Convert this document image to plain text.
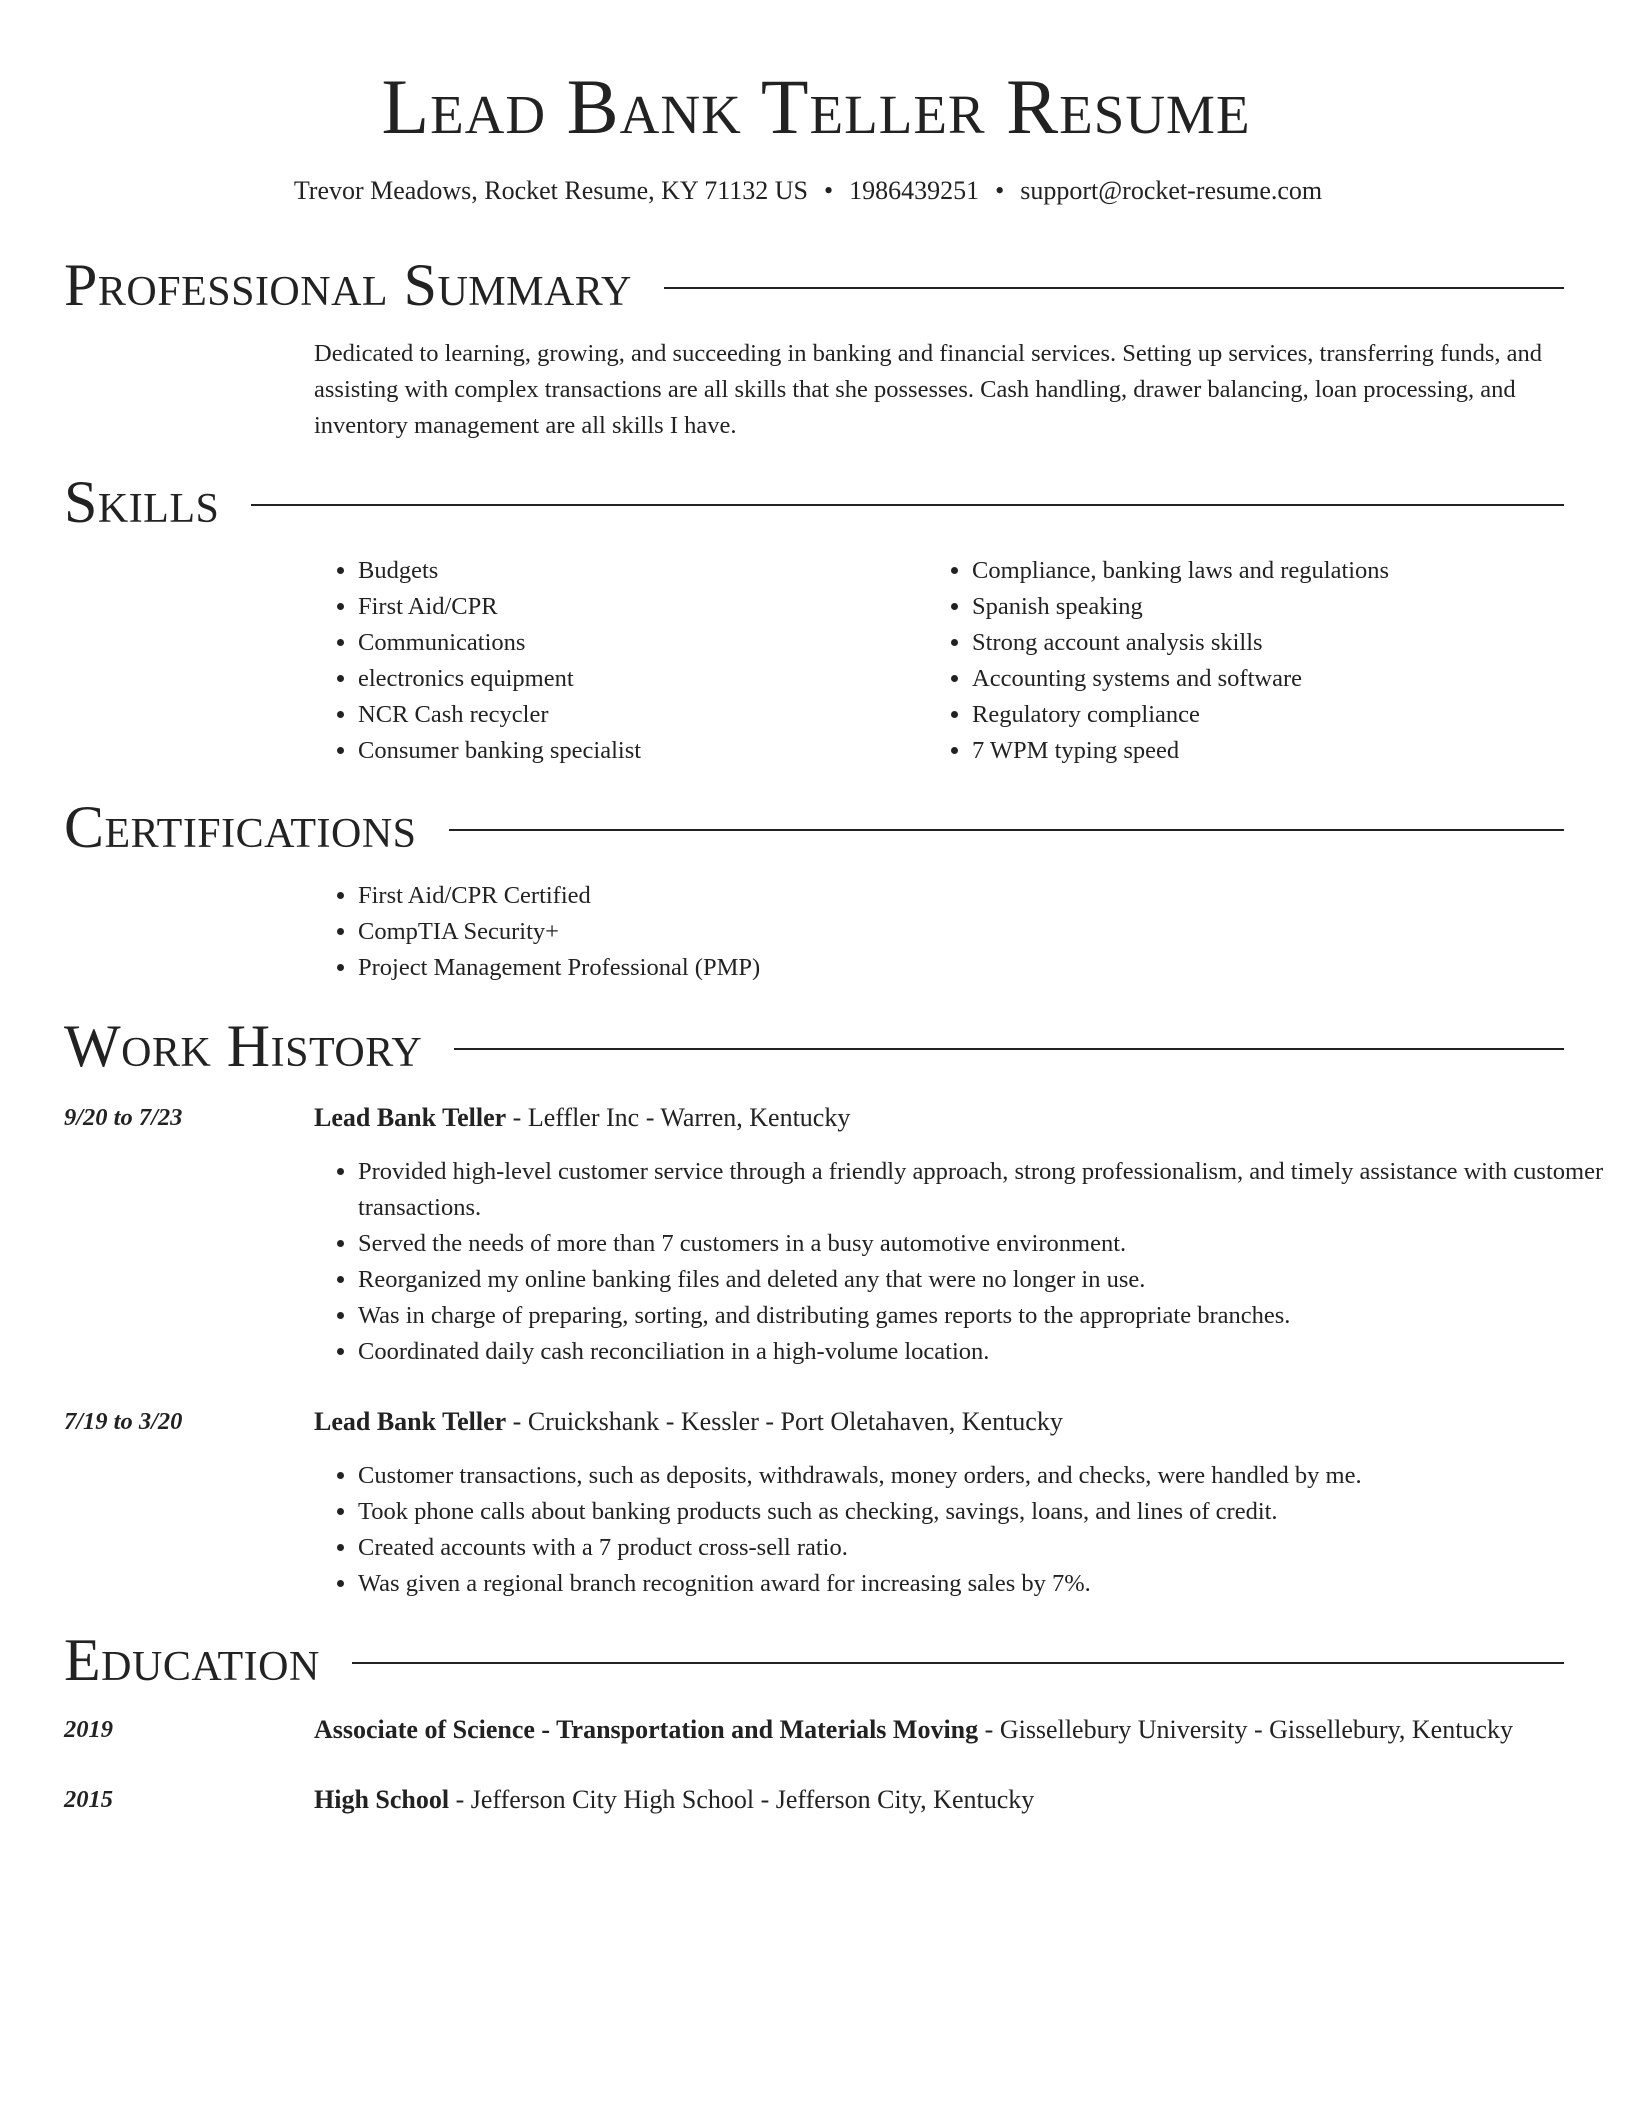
Lead Bank Teller Resume
Trevor Meadows, Rocket Resume, KY 71132 US • 1986439251 • support@rocket-resume.com
Professional Summary

Dedicated to learning, growing, and succeeding in banking and financial services. Setting up services, transferring funds, and assisting with complex transactions are all skills that she possesses. Cash handling, drawer balancing, loan processing, and inventory management are all skills I have.

Skills
• Budgets
• First Aid/CPR
• Communications
• electronics equipment
• NCR Cash recycler
• Consumer banking specialist
• Compliance, banking laws and regulations
• Spanish speaking
• Strong account analysis skills
• Accounting systems and software
• Regulatory compliance
• 7 WPM typing speed
Certifications
• First Aid/CPR Certified
• CompTIA Security+
• Project Management Professional (PMP)
Work History
9/20 to 7/23	Lead Bank Teller - Leffler Inc - Warren, Kentucky
• Provided high-level customer service through a friendly approach, strong professionalism, and timely assistance with customer transactions.
• Served the needs of more than 7 customers in a busy automotive environment.
• Reorganized my online banking files and deleted any that were no longer in use.
• Was in charge of preparing, sorting, and distributing games reports to the appropriate branches.
• Coordinated daily cash reconciliation in a high-volume location.
7/19 to 3/20	Lead Bank Teller - Cruickshank - Kessler - Port Oletahaven, Kentucky
• Customer transactions, such as deposits, withdrawals, money orders, and checks, were handled by me.
• Took phone calls about banking products such as checking, savings, loans, and lines of credit.
• Created accounts with a 7 product cross-sell ratio.
• Was given a regional branch recognition award for increasing sales by 7%.
Education
2019	Associate of Science - Transportation and Materials Moving - Gissellebury University - Gissellebury, Kentucky
2015	High School - Jefferson City High School - Jefferson City, Kentucky
